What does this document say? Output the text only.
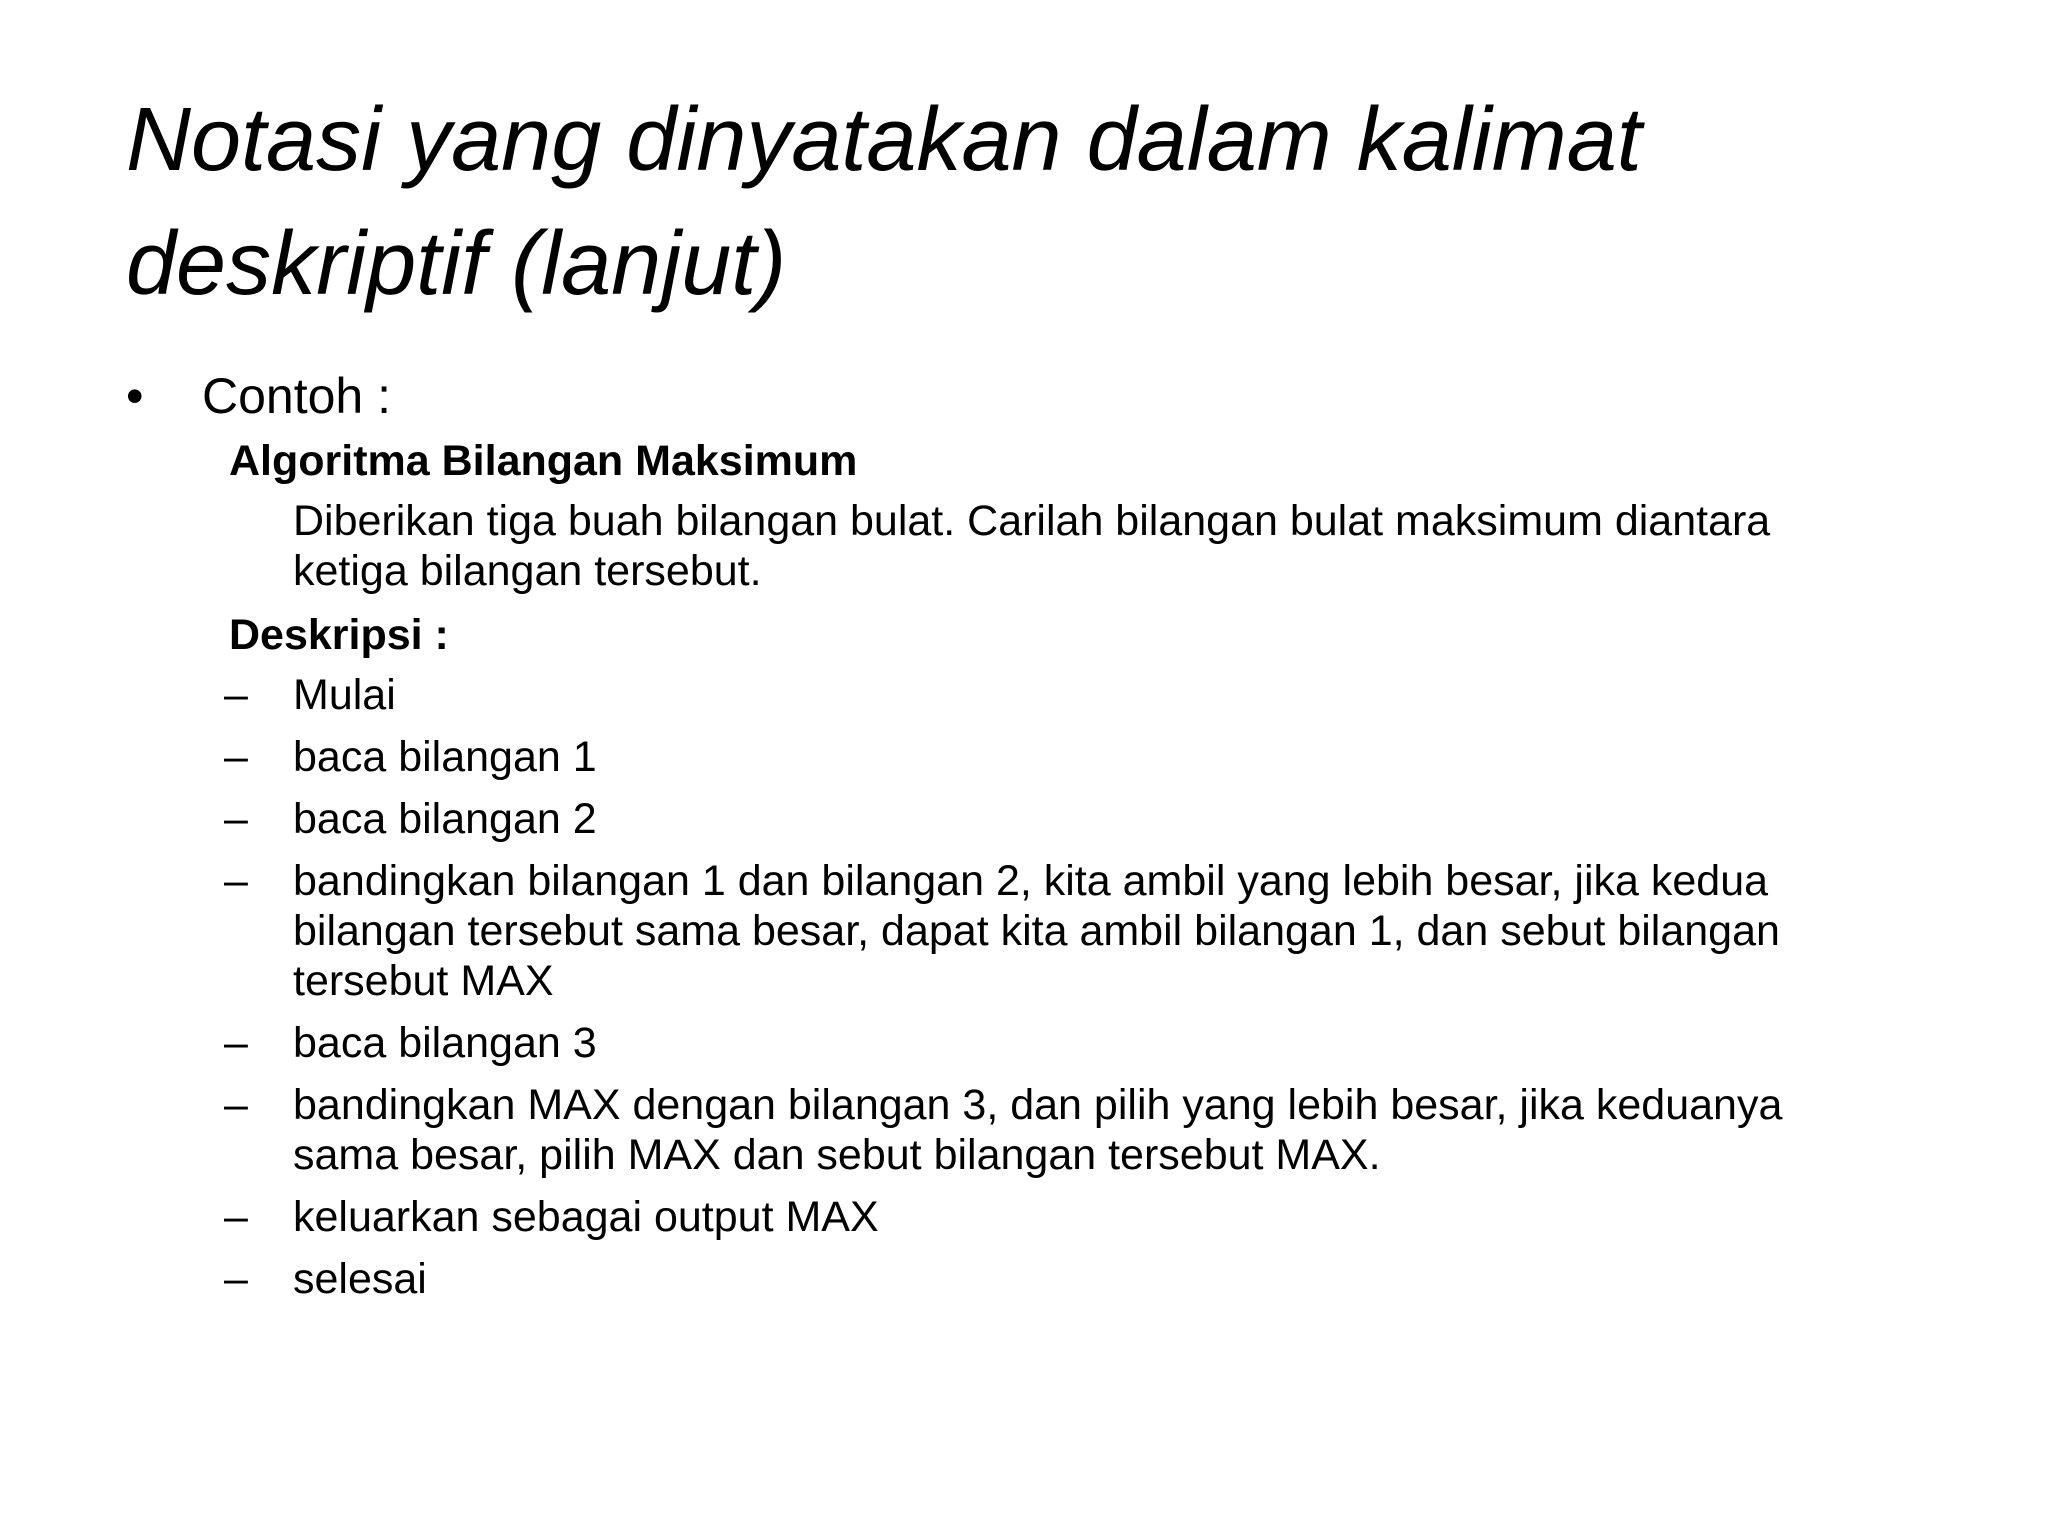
Notasi yang dinyatakan dalam kalimat
deskriptif (lanjut)
•	Contoh :
Algoritma Bilangan Maksimum
Diberikan tiga buah bilangan bulat. Carilah bilangan bulat maksimum diantara
ketiga bilangan tersebut.
Deskripsi :
–	Mulai
–	baca bilangan 1
–	baca bilangan 2
–	bandingkan bilangan 1 dan bilangan 2, kita ambil yang lebih besar, jika kedua
bilangan tersebut sama besar, dapat kita ambil bilangan 1, dan sebut bilangan
tersebut MAX
–	baca bilangan 3
–	bandingkan MAX dengan bilangan 3, dan pilih yang lebih besar, jika keduanya
sama besar, pilih MAX dan sebut bilangan tersebut MAX.
–	keluarkan sebagai output MAX
–	selesai
